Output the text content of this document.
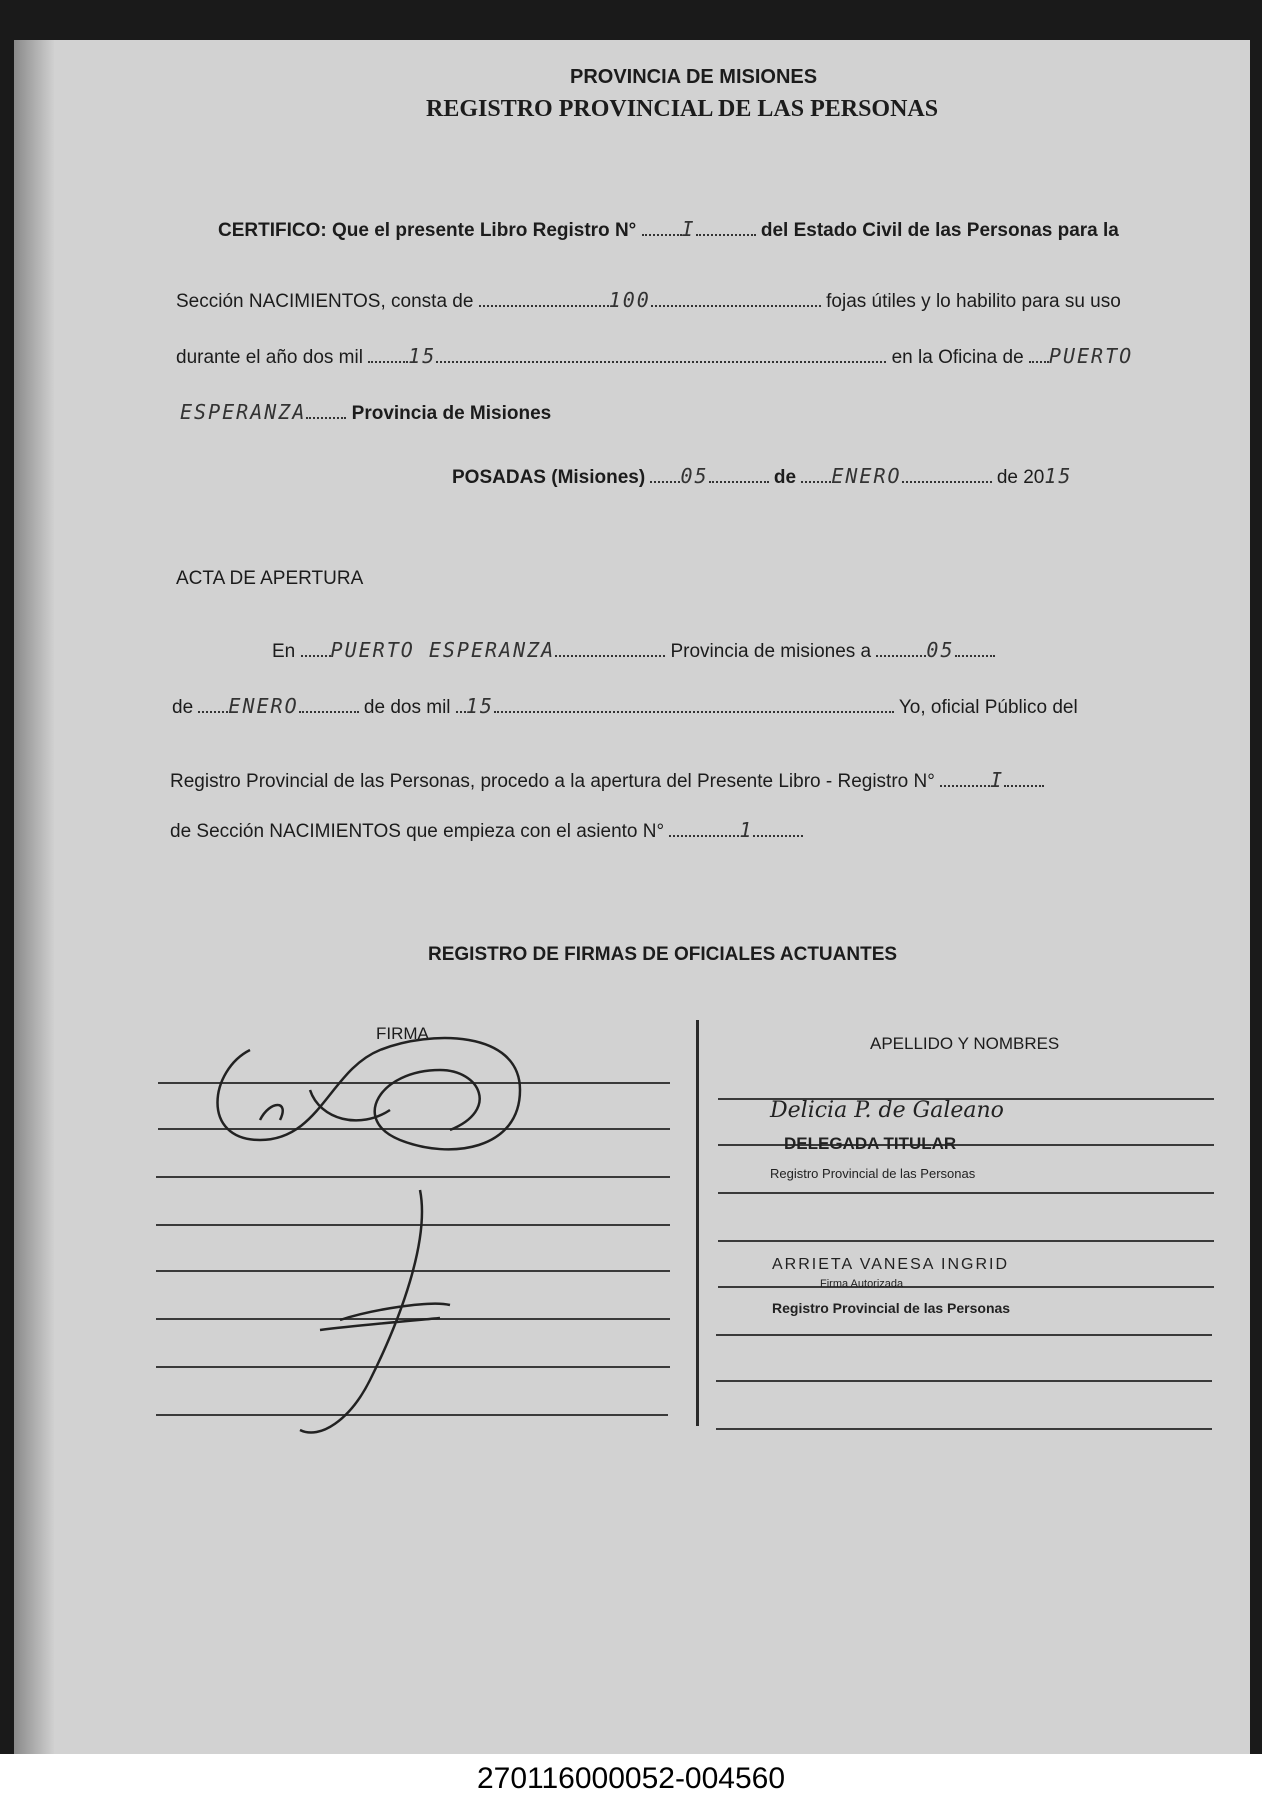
PROVINCIA DE MISIONES
REGISTRO PROVINCIAL DE LAS PERSONAS
CERTIFICO: Que el presente Libro Registro N° I	del Estado Civil de las Personas para la
Sección NACIMIENTOS, consta de	100	fojas útiles y lo habilito para su uso
durante el año dos mil 15	en la Oficina de PUERTO
ESPERANZA Provincia de Misiones
POSADAS (Misiones) 05	de ENERO	de 2015
ACTA DE APERTURA
En PUERTO ESPERANZA	Provincia de misiones a	05
de ENERO	de dos mil 15	Yo, oficial Público del
Registro Provincial de las Personas, procedo a la apertura del Presente Libro - Registro N°	I
de Sección NACIMIENTOS que empieza con el asiento N°	1
REGISTRO DE FIRMAS DE OFICIALES ACTUANTES
FIRMA
APELLIDO Y NOMBRES
Delicia P. de Galeano
DELEGADA TITULAR
Registro Provincial de las Personas
ARRIETA VANESA INGRID
Firma Autorizada
Registro Provincial de las Personas
270116000052-004560
